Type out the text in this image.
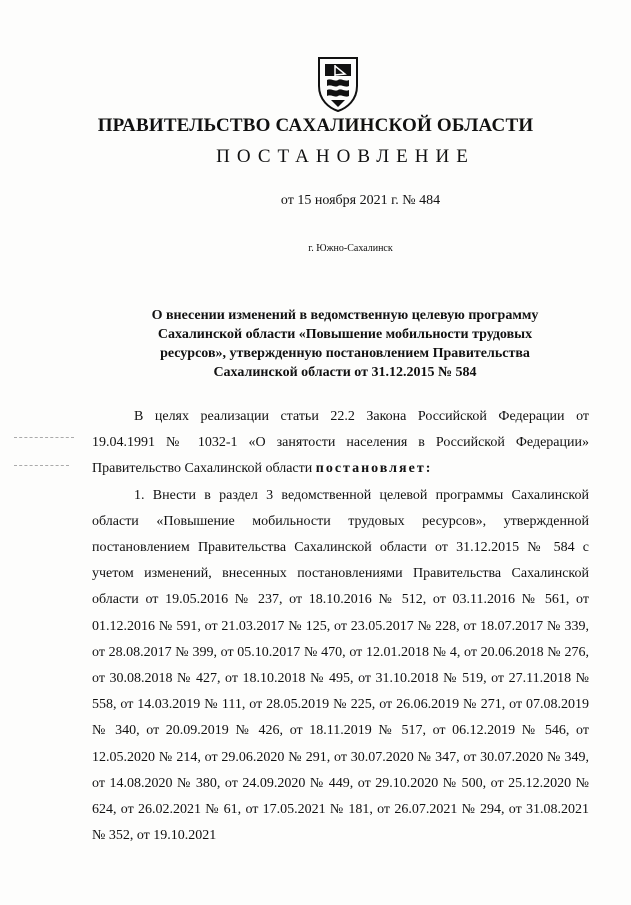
ПРАВИТЕЛЬСТВО САХАЛИНСКОЙ ОБЛАСТИ
ПОСТАНОВЛЕНИЕ
от 15 ноября 2021 г. № 484
г. Южно-Сахалинск
О внесении изменений в ведомственную целевую программу
Сахалинской области «Повышение мобильности трудовых
ресурсов», утвержденную постановлением Правительства
Сахалинской области от 31.12.2015 № 584

В целях реализации статьи 22.2 Закона Российской Федерации от 19.04.1991 № 1032-1 «О занятости населения в Российской Федерации» Правительство Сахалинской области постановляет:

1. Внести в раздел 3 ведомственной целевой программы Сахалинской области «Повышение мобильности трудовых ресурсов», утвержденной постановлением Правительства Сахалинской области от 31.12.2015 № 584 с учетом изменений, внесенных постановлениями Правительства Сахалинской области от 19.05.2016 № 237, от 18.10.2016 № 512, от 03.11.2016 № 561, от 01.12.2016 № 591, от 21.03.2017 № 125, от 23.05.2017 № 228, от 18.07.2017 № 339, от 28.08.2017 № 399, от 05.10.2017 № 470, от 12.01.2018 № 4, от 20.06.2018 № 276, от 30.08.2018 № 427, от 18.10.2018 № 495, от 31.10.2018 № 519, от 27.11.2018 № 558, от 14.03.2019 № 111, от 28.05.2019 № 225, от 26.06.2019 № 271, от 07.08.2019 № 340, от 20.09.2019 № 426, от 18.11.2019 № 517, от 06.12.2019 № 546, от 12.05.2020 № 214, от 29.06.2020 № 291, от 30.07.2020 № 347, от 30.07.2020 № 349, от 14.08.2020 № 380, от 24.09.2020 № 449, от 29.10.2020 № 500, от 25.12.2020 № 624, от 26.02.2021 № 61, от 17.05.2021 № 181, от 26.07.2021 № 294, от 31.08.2021 № 352, от 19.10.2021
